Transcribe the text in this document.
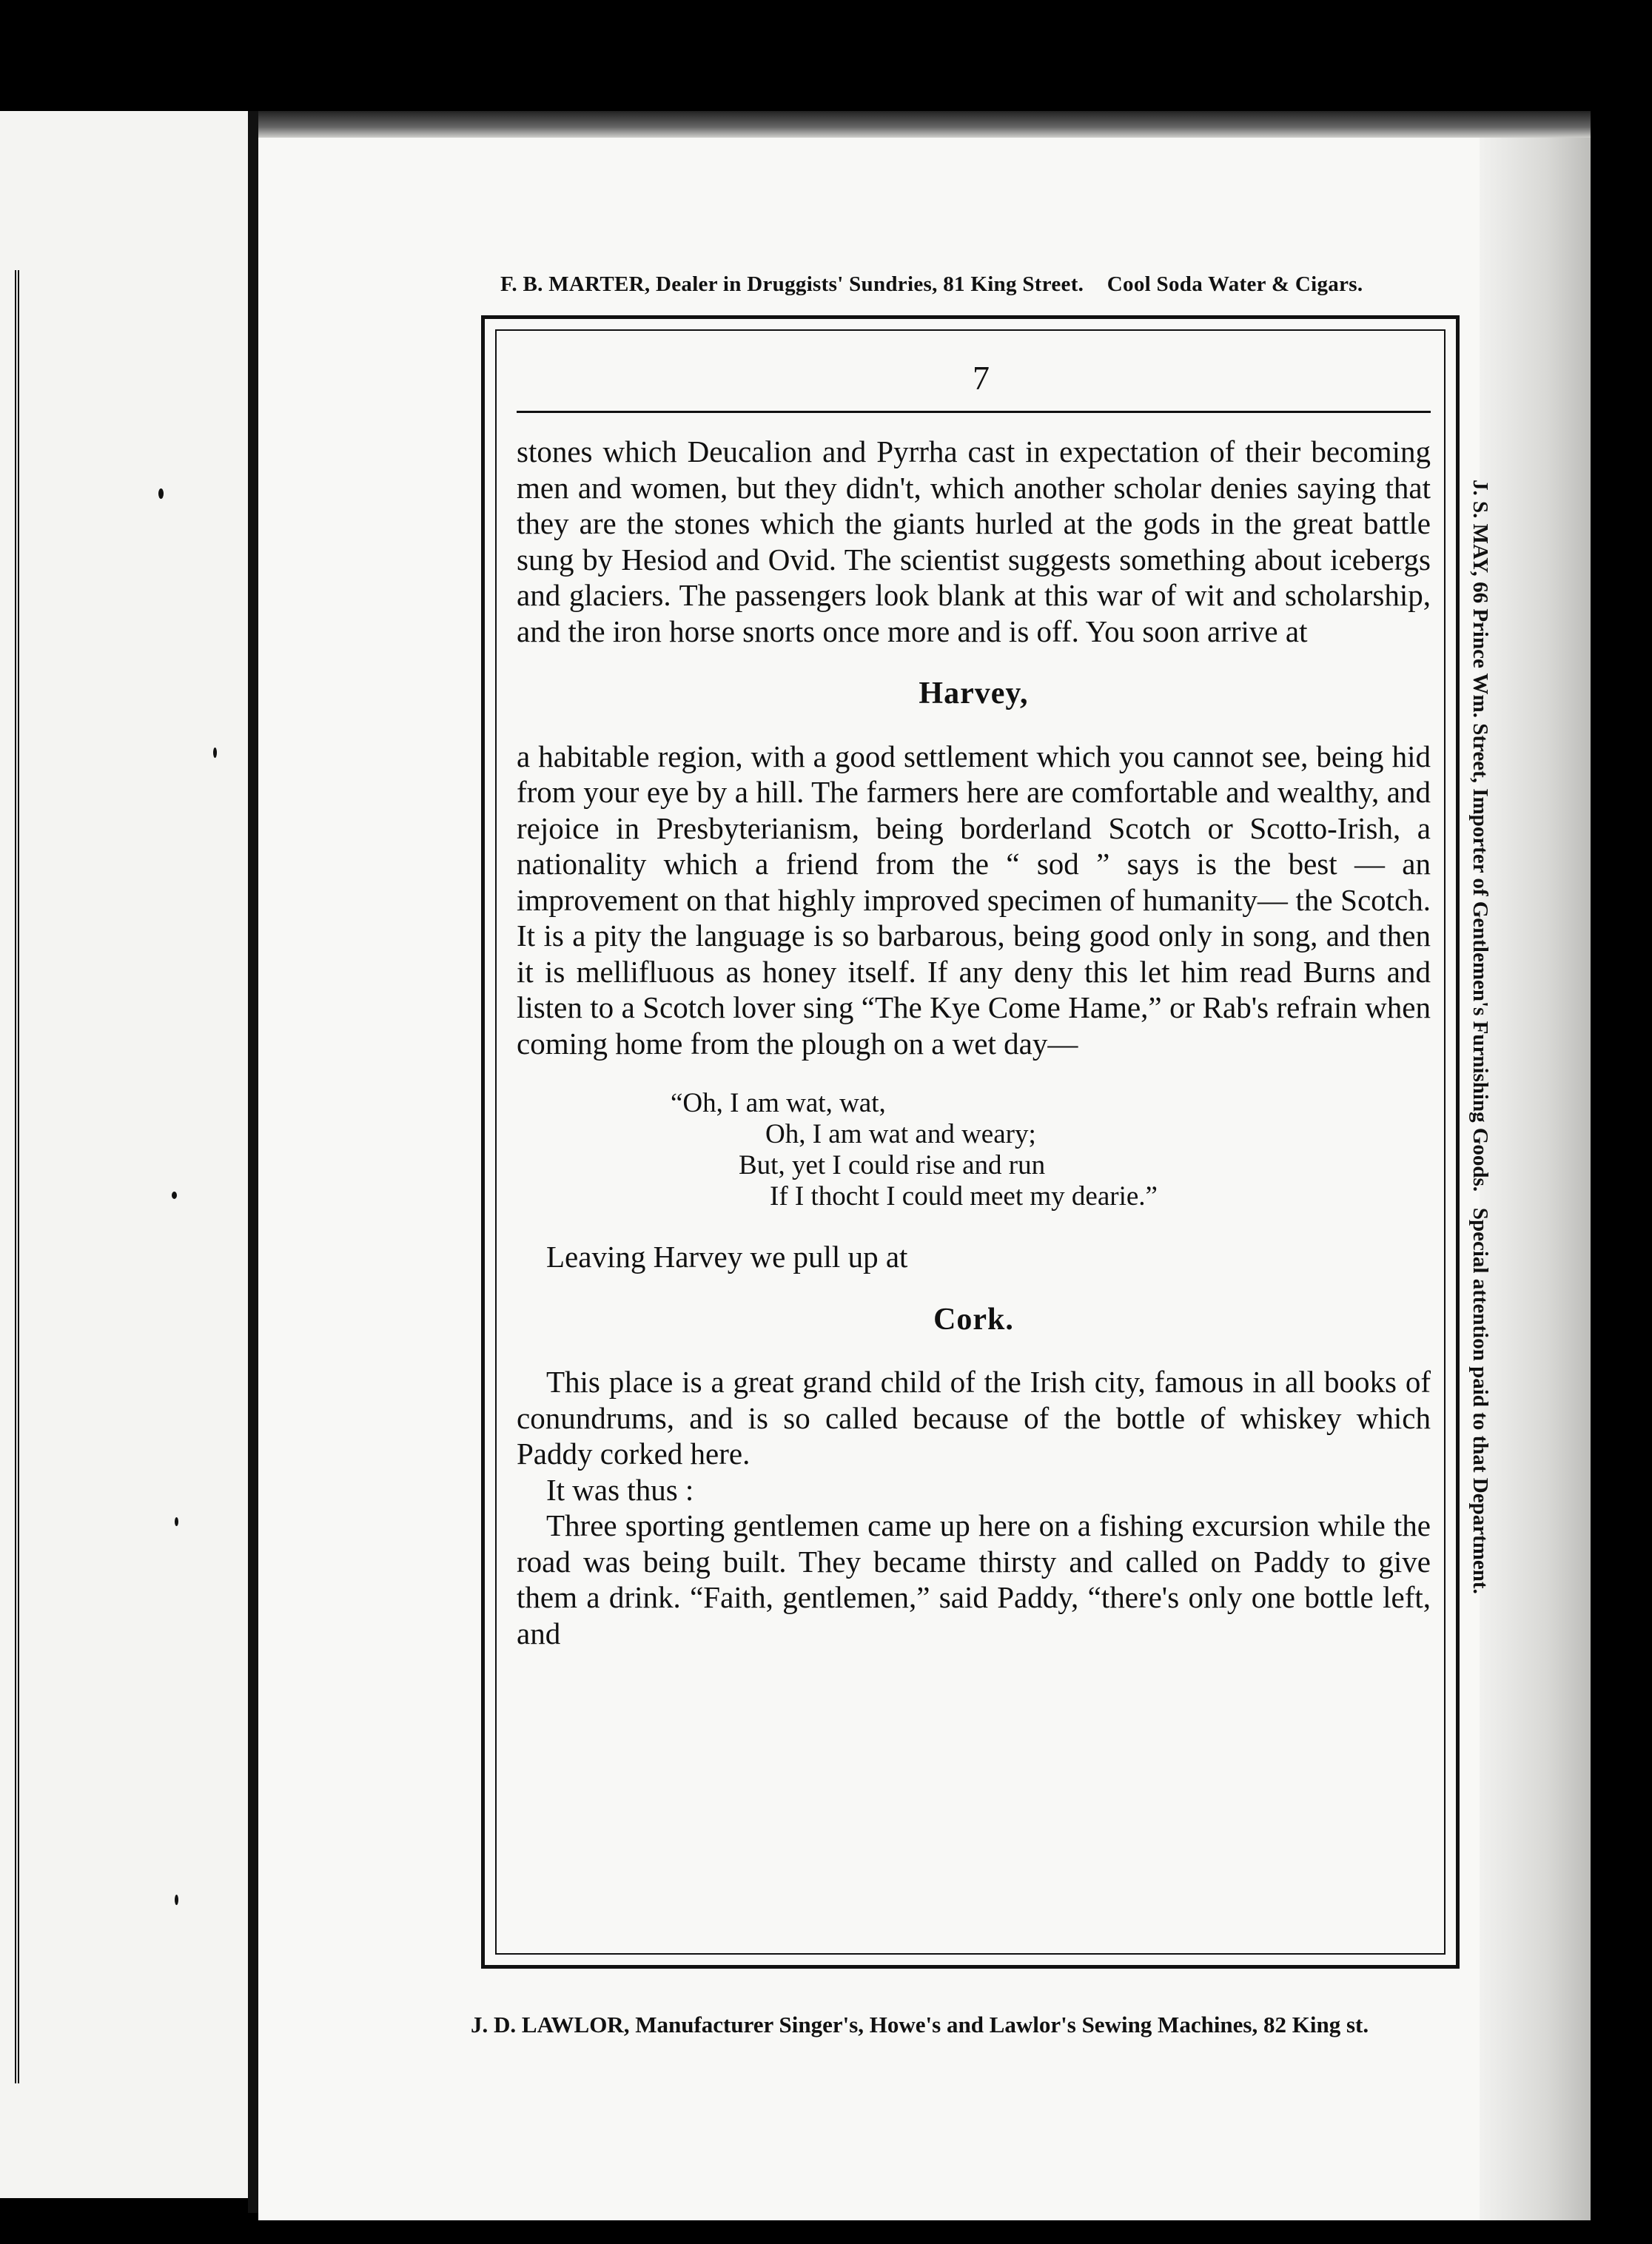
F. B. MARTER, Dealer in Druggists' Sundries, 81 King Street. Cool Soda Water & Cigars.
J. S. MAY, 66 Prince Wm. Street, Importer of Gentlemen's Furnishing Goods.   Special attention paid to that Department.
7

stones which Deucalion and Pyrrha cast in expectation of their becoming men and women, but they didn't, which another scholar denies saying that they are the stones which the giants hurled at the gods in the great battle sung by Hesiod and Ovid. The scientist suggests something about icebergs and glaciers. The passengers look blank at this war of wit and scholarship, and the iron horse snorts once more and is off. You soon arrive at

Harvey,

a habitable region, with a good settlement which you cannot see, being hid from your eye by a hill. The farmers here are comfortable and wealthy, and rejoice in Presbyterianism, being borderland Scotch or Scotto-Irish, a nationality which a friend from the “ sod ” says is the best — an improvement on that highly improved specimen of humanity— the Scotch. It is a pity the language is so barbarous, being good only in song, and then it is mellifluous as honey itself. If any deny this let him read Burns and listen to a Scotch lover sing “The Kye Come Hame,” or Rab's refrain when coming home from the plough on a wet day—

“Oh, I am wat, wat,
Oh, I am wat and weary;
But, yet I could rise and run
If I thocht I could meet my dearie.”

Leaving Harvey we pull up at

Cork.

This place is a great grand child of the Irish city, famous in all books of conundrums, and is so called because of the bottle of whiskey which Paddy corked here.

It was thus :

Three sporting gentlemen came up here on a fishing excursion while the road was being built. They became thirsty and called on Paddy to give them a drink. “Faith, gentlemen,” said Paddy, “there's only one bottle left, and

J. D. LAWLOR, Manufacturer Singer's, Howe's and Lawlor's Sewing Machines, 82 King st.
